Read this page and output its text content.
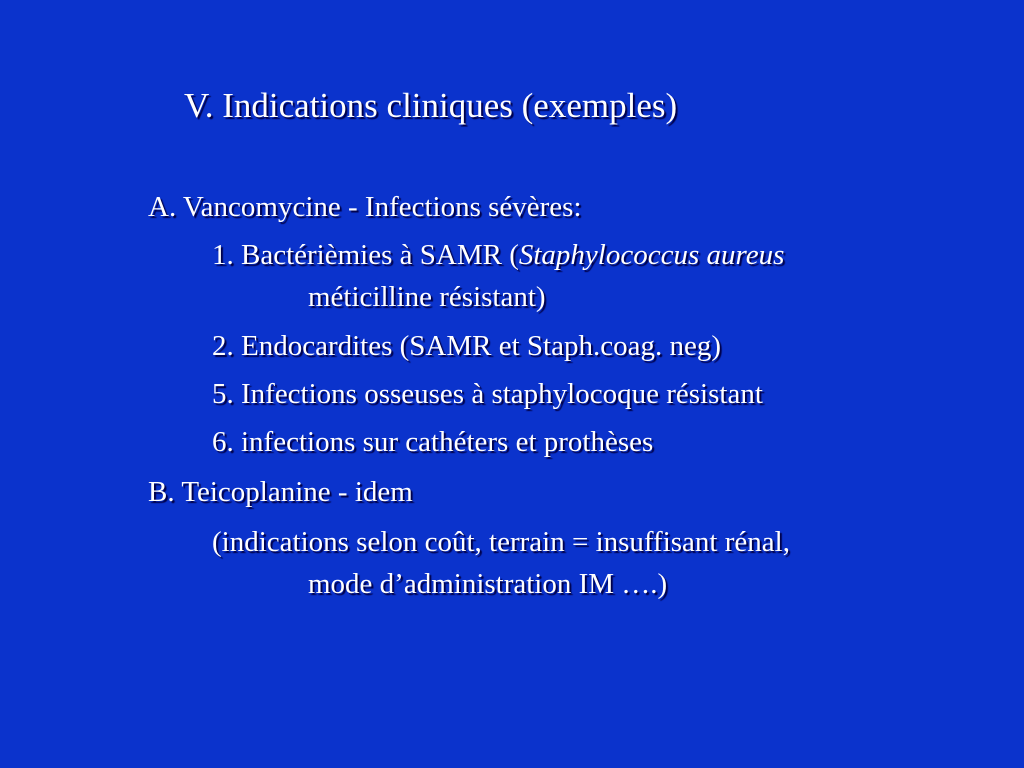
V. Indications cliniques (exemples)
A. Vancomycine - Infections sévères:
1. Bactérièmies à SAMR (Staphylococcus aureus
méticilline résistant)
2. Endocardites (SAMR et Staph.coag. neg)
5. Infections osseuses à staphylocoque résistant
6. infections sur cathéters et prothèses
B. Teicoplanine - idem
(indications selon coût, terrain = insuffisant rénal,
mode d’administration IM ….)
